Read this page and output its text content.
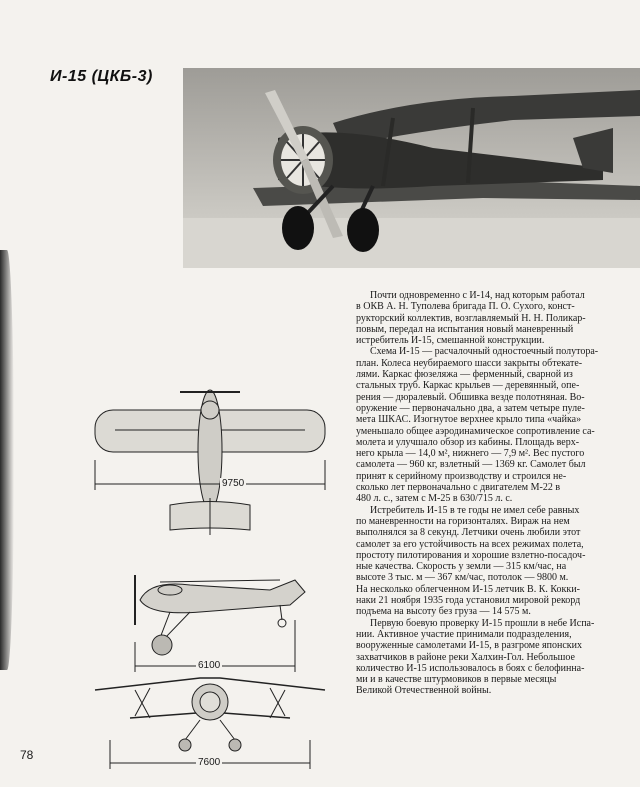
И-15 (ЦКБ-3)
9750
6100
7600

Почти одновременно с И-14, над которым работал

в ОКВ А. Н. Туполева бригада П. О. Сухого, конст-

рукторский коллектив, возглавляемый Н. Н. Поликар-

повым, передал на испытания новый маневренный

истребитель И-15, смешанной конструкции.

Схема И-15 — расчалочный одностоечный полутора-

план. Колеса неубираемого шасси закрыты обтекате-

лями. Каркас фюзеляжа — ферменный, сварной из

стальных труб. Каркас крыльев — деревянный, опе-

рения — дюралевый. Обшивка везде полотняная. Во-

оружение — первоначально два, а затем четыре пуле-

мета ШКАС. Изогнутое верхнее крыло типа «чайка»

уменьшало общее аэродинамическое сопротивление са-

молета и улучшало обзор из кабины. Площадь верх-

него крыла — 14,0 м², нижнего — 7,9 м². Вес пустого

самолета — 960 кг, взлетный — 1369 кг. Самолет был

принят к серийному производству и строился не-

сколько лет первоначально с двигателем М-22 в

480 л. с., затем с М-25 в 630/715 л. с.

Истребитель И-15 в те годы не имел себе равных

по маневренности на горизонталях. Вираж на нем

выполнялся за 8 секунд. Летчики очень любили этот

самолет за его устойчивость на всех режимах полета,

простоту пилотирования и хорошие взлетно-посадоч-

ные качества. Скорость у земли — 315 км/час, на

высоте 3 тыс. м — 367 км/час, потолок — 9800 м.

На несколько облегченном И-15 летчик В. К. Кокки-

наки 21 ноября 1935 года установил мировой рекорд

подъема на высоту без груза — 14 575 м.

Первую боевую проверку И-15 прошли в небе Испа-

нии. Активное участие принимали подразделения,

вооруженные самолетами И-15, в разгроме японских

захватчиков в районе реки Халхин-Гол. Небольшое

количество И-15 использовалось в боях с белофинна-

ми и в качестве штурмовиков в первые месяцы

Великой Отечественной войны.

78
